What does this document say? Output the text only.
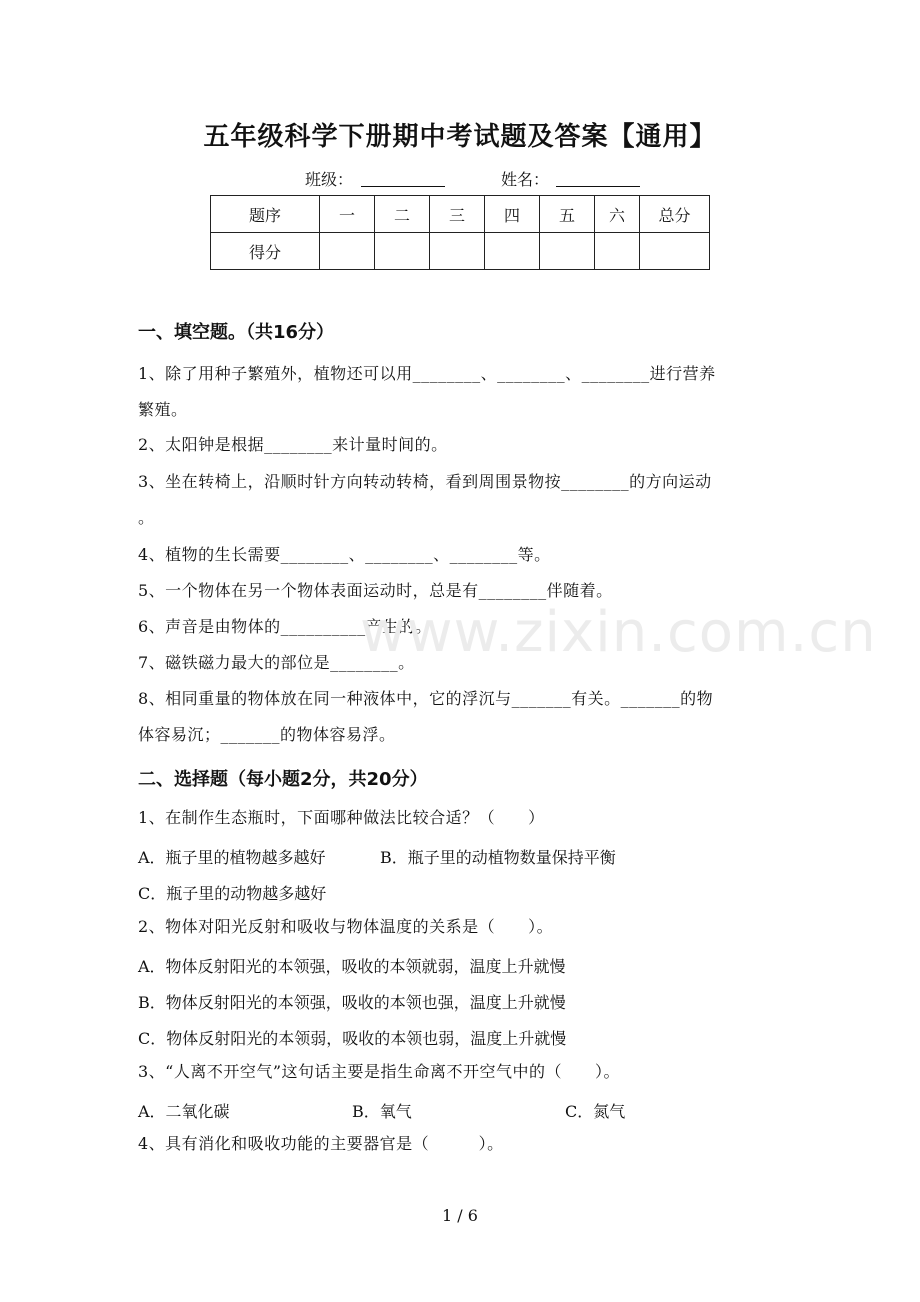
五年级科学下册期中考试题及答案【通用】
班级：	姓名：
题序	一	二	三	四	五	六	总分
得分							
一、填空题。（共16分）
1、除了用种子繁殖外，植物还可以用________、________、________进行营养
繁殖。
2、太阳钟是根据________来计量时间的。
3、坐在转椅上，沿顺时针方向转动转椅，看到周围景物按________的方向运动
。
4、植物的生长需要________、________、________等。
5、一个物体在另一个物体表面运动时，总是有________伴随着。
6、声音是由物体的__________产生的。
7、磁铁磁力最大的部位是________。
8、相同重量的物体放在同一种液体中，它的浮沉与_______有关。_______的物
体容易沉；_______的物体容易浮。
二、选择题（每小题2分，共20分）
1、在制作生态瓶时，下面哪种做法比较合适？（　　）
A．瓶子里的植物越多越好	B．瓶子里的动植物数量保持平衡
C．瓶子里的动物越多越好
2、物体对阳光反射和吸收与物体温度的关系是（　　）。
A．物体反射阳光的本领强，吸收的本领就弱，温度上升就慢
B．物体反射阳光的本领强，吸收的本领也强，温度上升就慢
C．物体反射阳光的本领弱，吸收的本领也弱，温度上升就慢
3、“人离不开空气”这句话主要是指生命离不开空气中的（　　）。
A．二氧化碳	B．氧气	C．氮气
4、具有消化和吸收功能的主要器官是（　　　）。
www.zixin.com.cn
1 / 6
